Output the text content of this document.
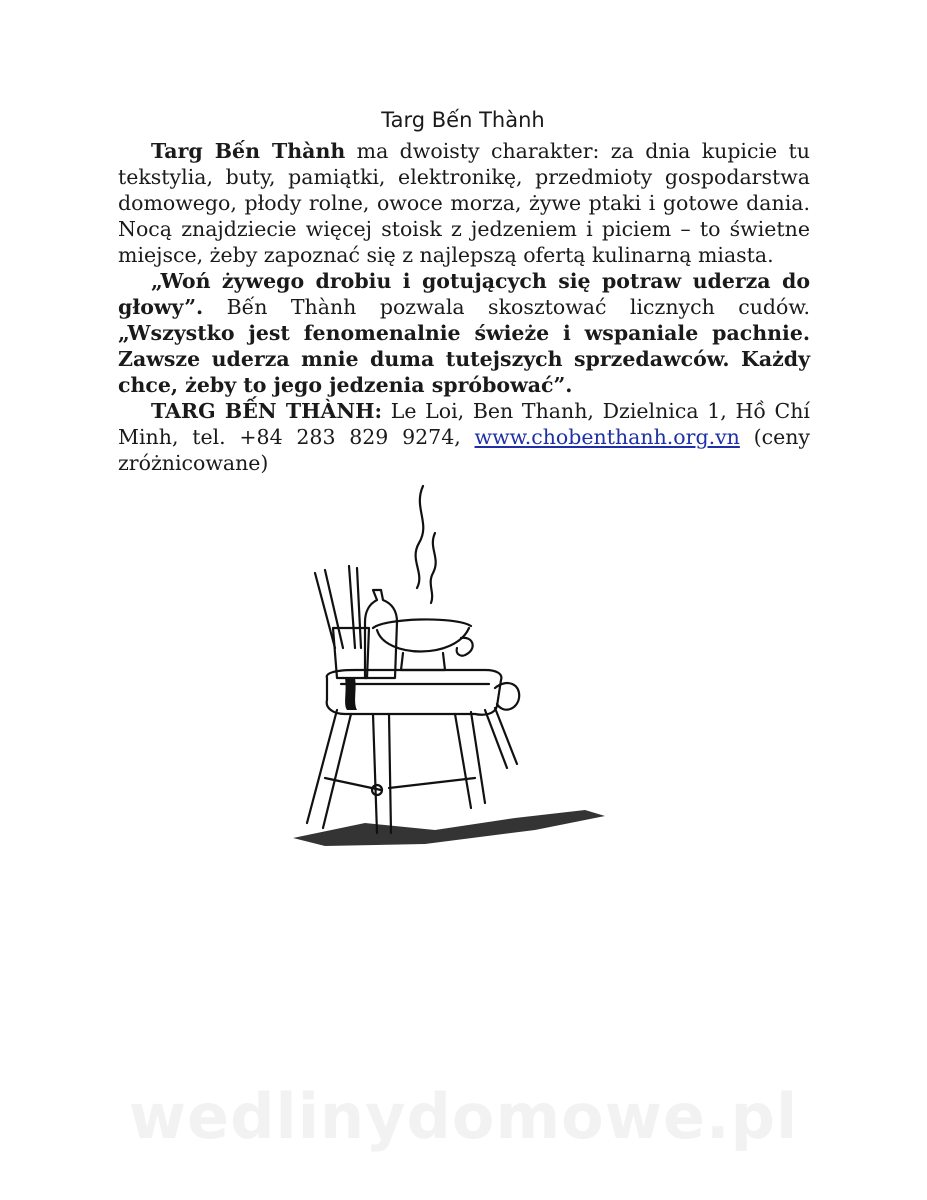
Targ Bến Thành

Targ Bến Thành ma dwoisty charakter: za dnia kupicie tu tekstylia, buty, pamiątki, elektronikę, przedmioty gospodarstwa domowego, płody rolne, owoce morza, żywe ptaki i gotowe dania. Nocą znajdziecie więcej stoisk z jedzeniem i piciem – to świetne miejsce, żeby zapoznać się z najlepszą ofertą kulinarną miasta.

„Woń żywego drobiu i gotujących się potraw uderza do głowy”. Bến Thành pozwala skosztować licznych cudów. „Wszystko jest fenomenalnie świeże i wspaniale pachnie. Zawsze uderza mnie duma tutejszych sprzedawców. Każdy chce, żeby to jego jedzenia spróbować”.

TARG BẾN THÀNH: Le Loi, Ben Thanh, Dzielnica 1, Hồ Chí Minh, tel. +84 283 829 9274, www.chobenthanh.org.vn (ceny zróżnicowane)

wedlinydomowe.pl
